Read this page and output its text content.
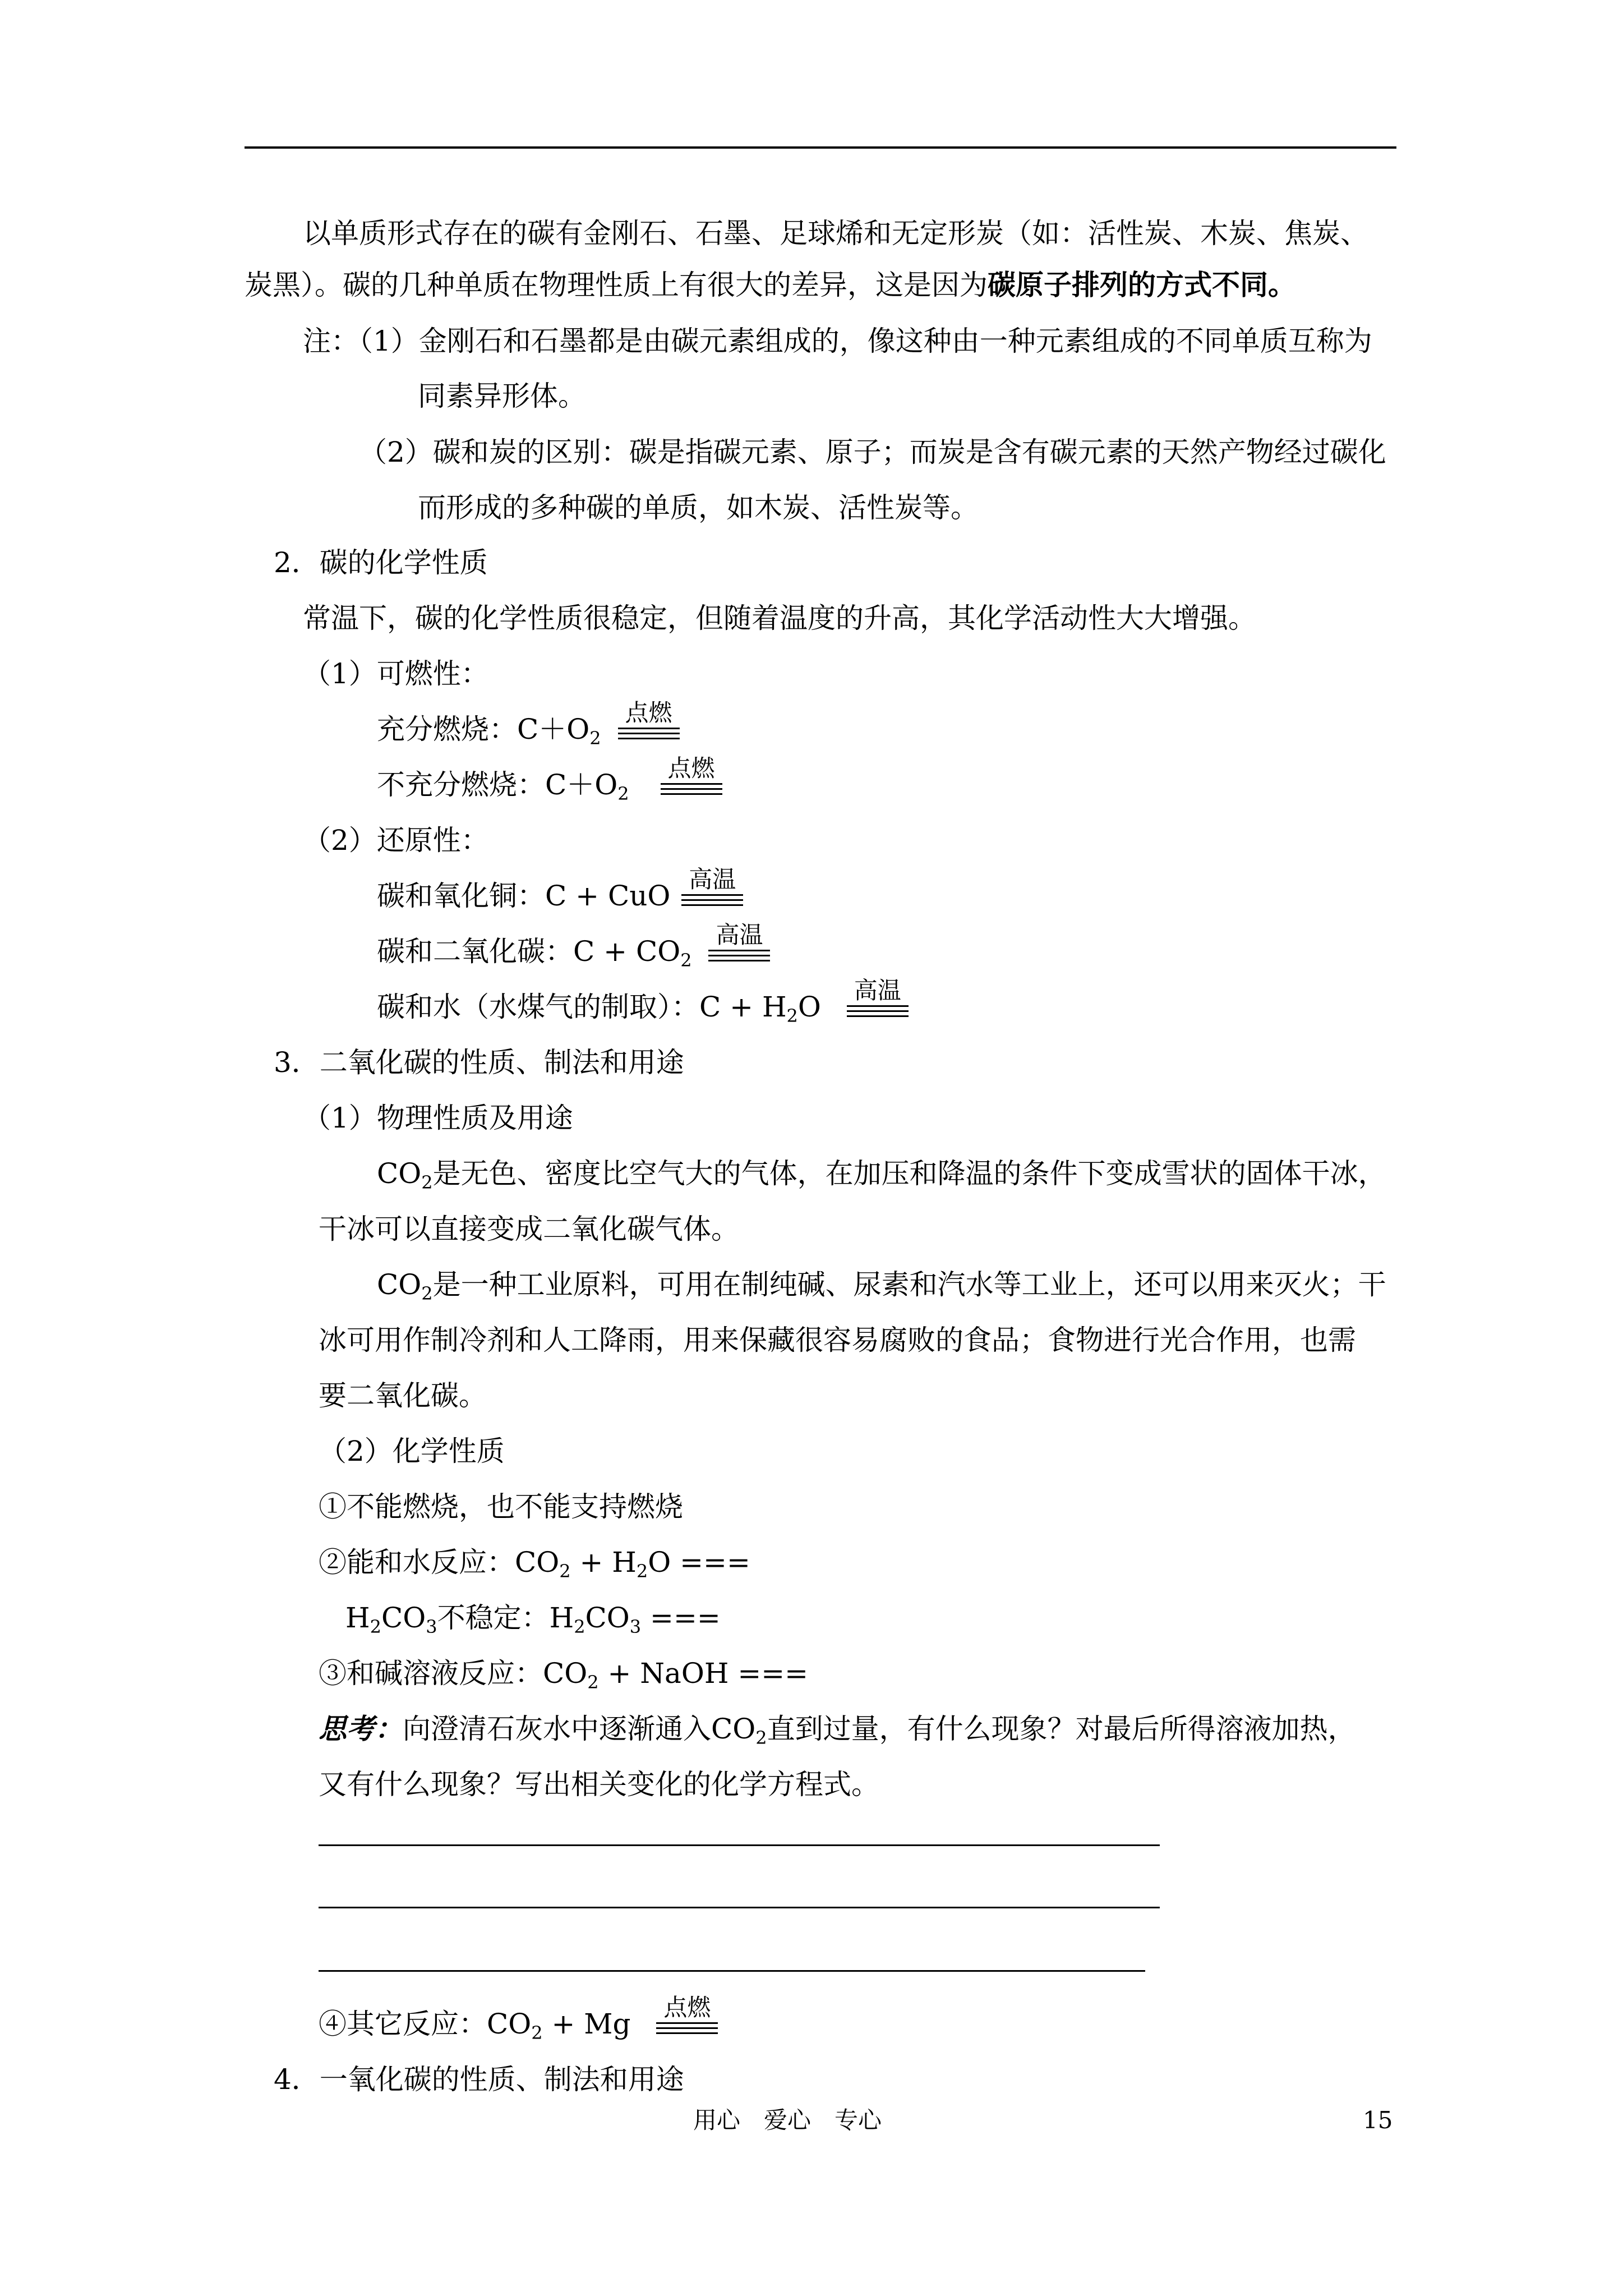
以单质形式存在的碳有金刚石、石墨、足球烯和无定形炭（如：活性炭、木炭、焦炭、
炭黑）。碳的几种单质在物理性质上有很大的差异，这是因为碳原子排列的方式不同。
注：（1）金刚石和石墨都是由碳元素组成的，像这种由一种元素组成的不同单质互称为
同素异形体。
（2）碳和炭的区别：碳是指碳元素、原子；而炭是含有碳元素的天然产物经过碳化
而形成的多种碳的单质，如木炭、活性炭等。
2．碳的化学性质
常温下，碳的化学性质很稳定，但随着温度的升高，其化学活动性大大增强。
（1）可燃性：
充分燃烧：$C+O_2$
点燃
不充分燃烧：$C+O_2$
点燃
（2）还原性：
碳和氧化铜：C + CuO
高温
碳和二氧化碳：$C + CO_2$
高温
碳和水（水煤气的制取）：$C + H_2O$
高温
3．二氧化碳的性质、制法和用途
（1）物理性质及用途
$CO_2$是无色、密度比空气大的气体，在加压和降温的条件下变成雪状的固体干冰，
干冰可以直接变成二氧化碳气体。
$CO_2$是一种工业原料，可用在制纯碱、尿素和汽水等工业上，还可以用来灭火；干
冰可用作制冷剂和人工降雨，用来保藏很容易腐败的食品；食物进行光合作用，也需
要二氧化碳。
（2）化学性质
①不能燃烧，也不能支持燃烧
②能和水反应：$CO_2 + H_2O$ ===
$H_2CO_3$不稳定：$H_2CO_3$ ===
③和碱溶液反应：$CO_2$ + NaOH ===
思考：向澄清石灰水中逐渐通入$CO_2$直到过量，有什么现象？对最后所得溶液加热，
又有什么现象？写出相关变化的化学方程式。
④其它反应：$CO_2 + Mg$
点燃
4．一氧化碳的性质、制法和用途
用心　爱心　专心	15
